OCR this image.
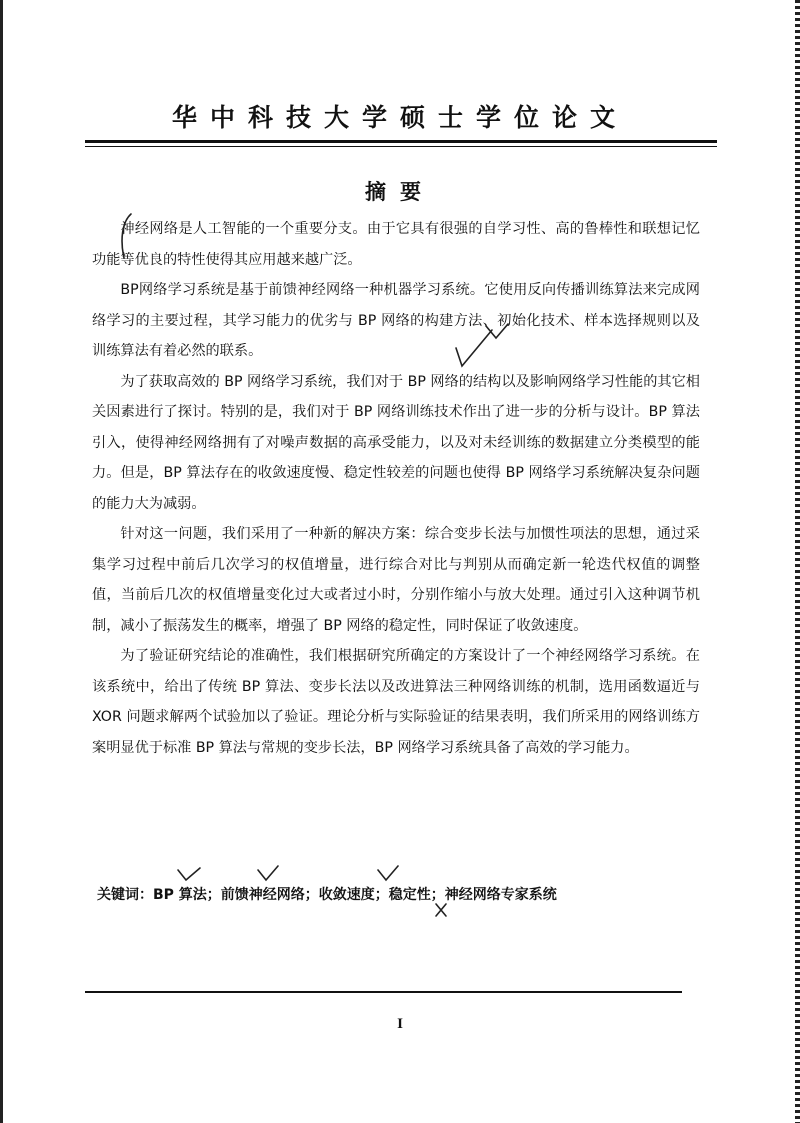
华中科技大学硕士学位论文
摘要

神经网络是人工智能的一个重要分支。由于它具有很强的自学习性、高的鲁棒性和联想记忆功能等优良的特性使得其应用越来越广泛。

BP网络学习系统是基于前馈神经网络一种机器学习系统。它使用反向传播训练算法来完成网络学习的主要过程，其学习能力的优劣与 BP 网络的构建方法、初始化技术、样本选择规则以及训练算法有着必然的联系。

为了获取高效的 BP 网络学习系统，我们对于 BP 网络的结构以及影响网络学习性能的其它相关因素进行了探讨。特别的是，我们对于 BP 网络训练技术作出了进一步的分析与设计。BP 算法引入，使得神经网络拥有了对噪声数据的高承受能力，以及对未经训练的数据建立分类模型的能力。但是，BP 算法存在的收敛速度慢、稳定性较差的问题也使得 BP 网络学习系统解决复杂问题的能力大为减弱。

针对这一问题，我们采用了一种新的解决方案：综合变步长法与加惯性项法的思想，通过采集学习过程中前后几次学习的权值增量，进行综合对比与判别从而确定新一轮迭代权值的调整值，当前后几次的权值增量变化过大或者过小时，分别作缩小与放大处理。通过引入这种调节机制，减小了振荡发生的概率，增强了 BP 网络的稳定性，同时保证了收敛速度。

为了验证研究结论的准确性，我们根据研究所确定的方案设计了一个神经网络学习系统。在该系统中，给出了传统 BP 算法、变步长法以及改进算法三种网络训练的机制，选用函数逼近与 XOR 问题求解两个试验加以了验证。理论分析与实际验证的结果表明，我们所采用的网络训练方案明显优于标准 BP 算法与常规的变步长法，BP 网络学习系统具备了高效的学习能力。

关键词：BP 算法；前馈神经网络；收敛速度；稳定性；神经网络专家系统
I
